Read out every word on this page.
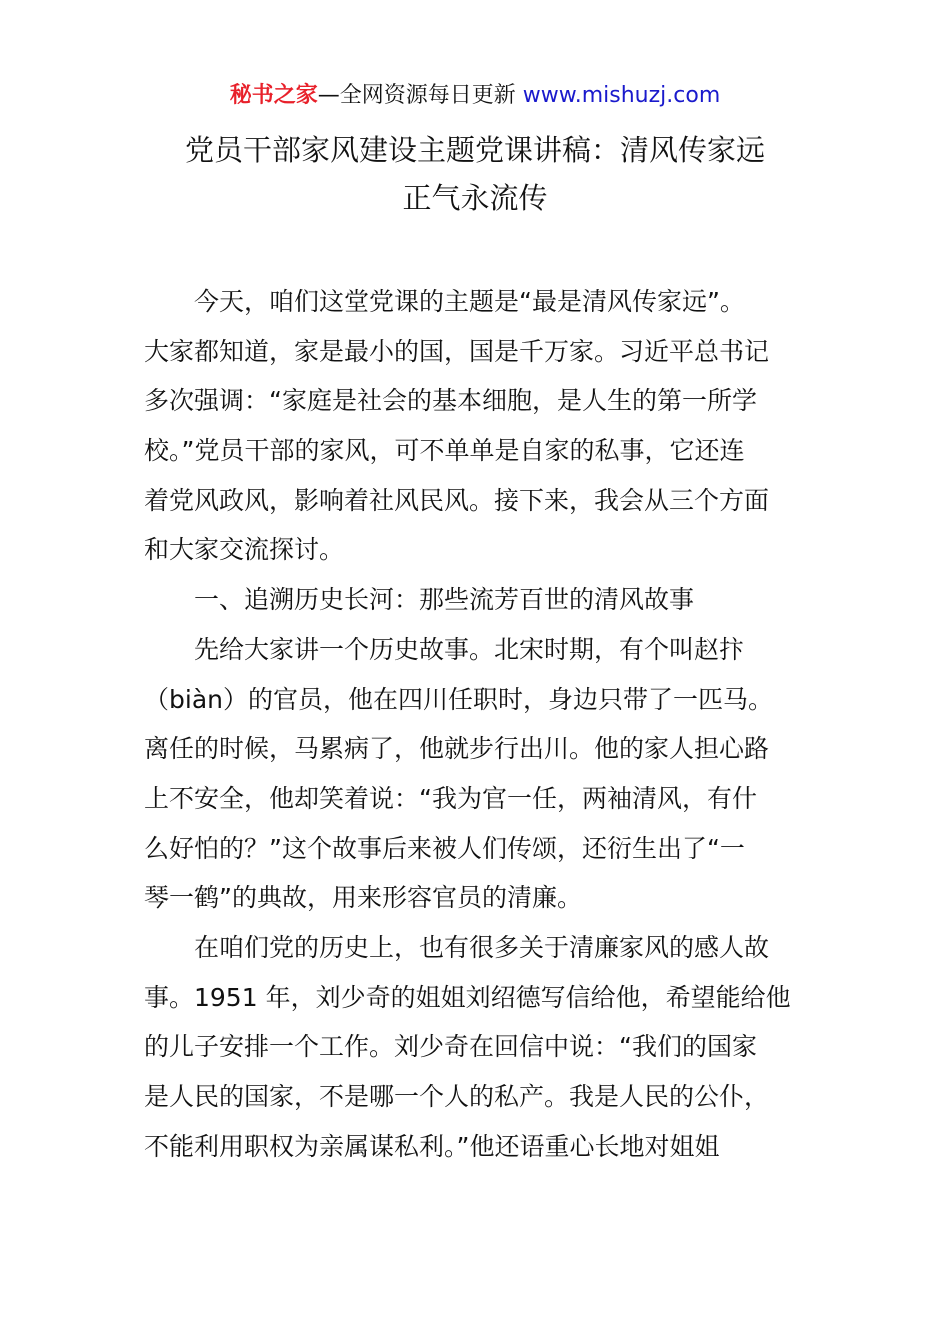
秘书之家—全网资源每日更新 www.mishuzj.com
党员干部家风建设主题党课讲稿：清风传家远
正气永流传
今天，咱们这堂党课的主题是“最是清风传家远”。
大家都知道，家是最小的国，国是千万家。习近平总书记
多次强调：“家庭是社会的基本细胞，是人生的第一所学
校。”党员干部的家风，可不单单是自家的私事，它还连
着党风政风，影响着社风民风。接下来，我会从三个方面
和大家交流探讨。
一、追溯历史长河：那些流芳百世的清风故事
先给大家讲一个历史故事。北宋时期，有个叫赵抃
（biàn）的官员，他在四川任职时，身边只带了一匹马。
离任的时候，马累病了，他就步行出川。他的家人担心路
上不安全，他却笑着说：“我为官一任，两袖清风，有什
么好怕的？”这个故事后来被人们传颂，还衍生出了“一
琴一鹤”的典故，用来形容官员的清廉。
在咱们党的历史上，也有很多关于清廉家风的感人故
事。1951 年，刘少奇的姐姐刘绍德写信给他，希望能给他
的儿子安排一个工作。刘少奇在回信中说：“我们的国家
是人民的国家，不是哪一个人的私产。我是人民的公仆，
不能利用职权为亲属谋私利。”他还语重心长地对姐姐
